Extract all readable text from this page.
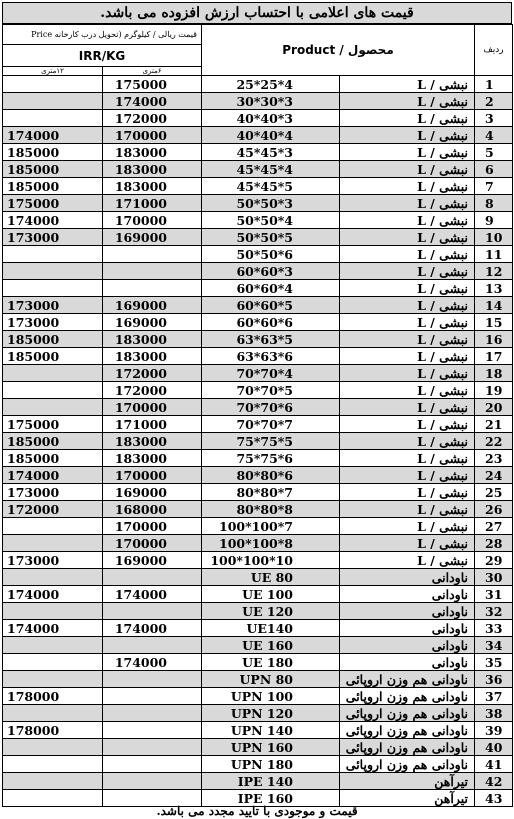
قیمت های اعلامی با احتساب ارزش افزوده می باشد.
قیمت ریالی / کیلوگرم (تحویل درب کارخانه Price		Product / محصول		ردیف
IRR/KG				
۱۲متری	۶متری			
	175000	25*25*4	نبشی / L	1
	174000	30*30*3	نبشی / L	2
	172000	40*40*3	نبشی / L	3
174000	170000	40*40*4	نبشی / L	4
185000	183000	45*45*3	نبشی / L	5
185000	183000	45*45*4	نبشی / L	6
185000	183000	45*45*5	نبشی / L	7
175000	171000	50*50*3	نبشی / L	8
174000	170000	50*50*4	نبشی / L	9
173000	169000	50*50*5	نبشی / L	10
		50*50*6	نبشی / L	11
		60*60*3	نبشی / L	12
		60*60*4	نبشی / L	13
173000	169000	60*60*5	نبشی / L	14
173000	169000	60*60*6	نبشی / L	15
185000	183000	63*63*5	نبشی / L	16
185000	183000	63*63*6	نبشی / L	17
	172000	70*70*4	نبشی / L	18
	172000	70*70*5	نبشی / L	19
	170000	70*70*6	نبشی / L	20
175000	171000	70*70*7	نبشی / L	21
185000	183000	75*75*5	نبشی / L	22
185000	183000	75*75*6	نبشی / L	23
174000	170000	80*80*6	نبشی / L	24
173000	169000	80*80*7	نبشی / L	25
172000	168000	80*80*8	نبشی / L	26
	170000	100*100*7	نبشی / L	27
	170000	100*100*8	نبشی / L	28
173000	169000	100*100*10	نبشی / L	29
		UE 80	ناودانی	30
174000	174000	UE 100	ناودانی	31
		UE 120	ناودانی	32
174000	174000	UE140	ناودانی	33
		UE 160	ناودانی	34
	174000	UE 180	ناودانی	35
		UPN 80	ناودانی هم وزن اروپائی	36
178000		UPN 100	ناودانی هم وزن اروپائی	37
		UPN 120	ناودانی هم وزن اروپائی	38
178000		UPN 140	ناودانی هم وزن اروپائی	39
		UPN 160	ناودانی هم وزن اروپائی	40
		UPN 180	ناودانی هم وزن اروپائی	41
		IPE 140	تیرآهن	42
		IPE 160	تیرآهن	43
قیمت و موجودی با تایید مجدد می باشد.
